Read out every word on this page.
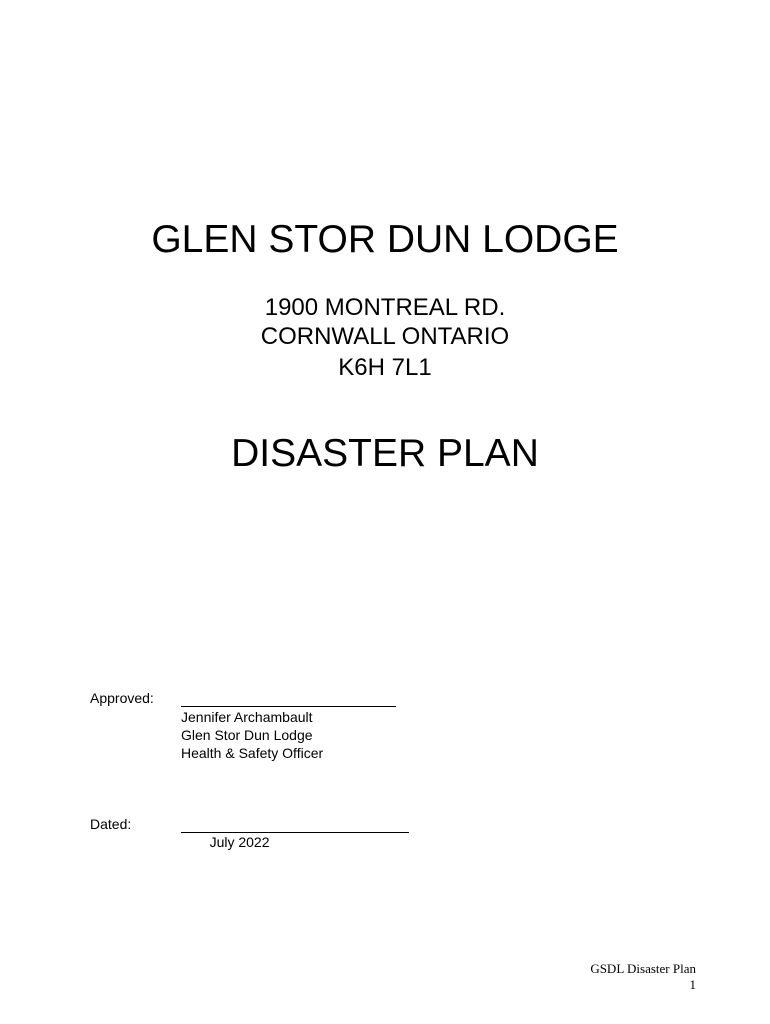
GLEN STOR DUN LODGE
1900 MONTREAL RD.
CORNWALL ONTARIO
K6H 7L1
DISASTER PLAN
Approved:
Jennifer Archambault
Glen Stor Dun Lodge
Health & Safety Officer
Dated:

July 2022

GSDL Disaster Plan
1
